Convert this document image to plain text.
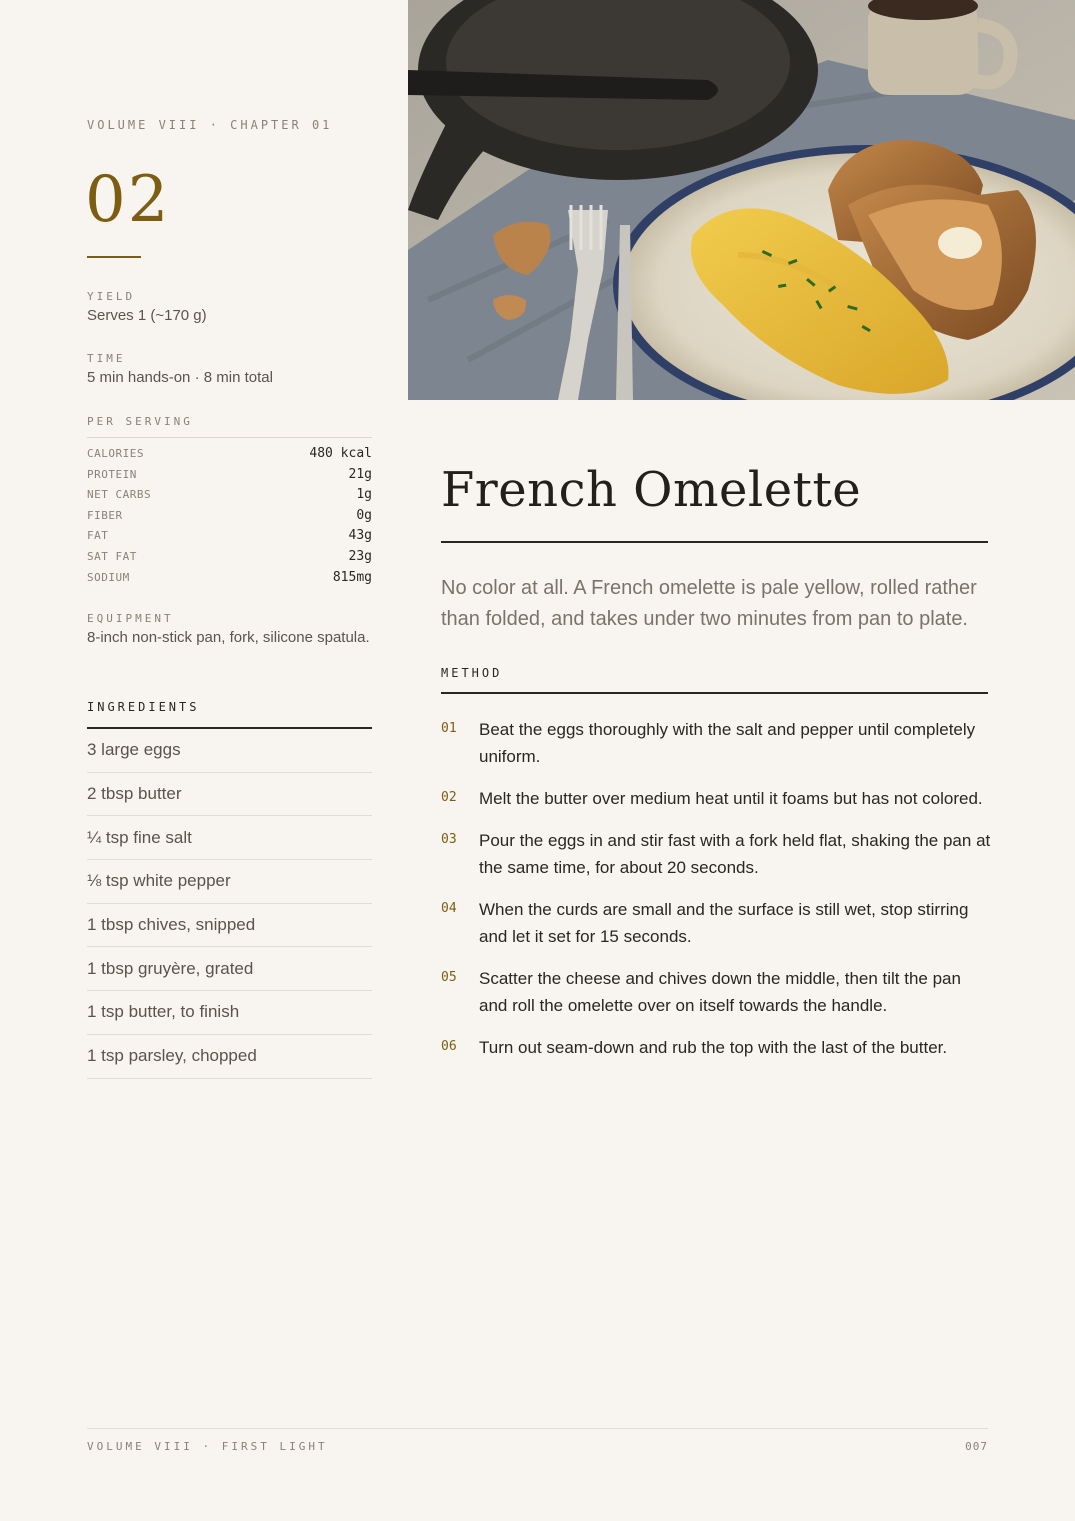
VOLUME VIII · CHAPTER 01
02
YIELD
Serves 1 (~170 g)
TIME
5 min hands-on · 8 min total
PER SERVING
CALORIES	480 kcal
PROTEIN	21g
NET CARBS	1g
FIBER	0g
FAT	43g
SAT FAT	23g
SODIUM	815mg
EQUIPMENT
8-inch non-stick pan, fork, silicone spatula.
INGREDIENTS
3 large eggs
2 tbsp butter
¼ tsp fine salt
⅛ tsp white pepper
1 tbsp chives, snipped
1 tbsp gruyère, grated
1 tsp butter, to finish
1 tsp parsley, chopped
French Omelette
No color at all. A French omelette is pale yellow, rolled rather than folded, and takes under two minutes from pan to plate.
METHOD
01	Beat the eggs thoroughly with the salt and pepper until completely uniform.
02	Melt the butter over medium heat until it foams but has not colored.
03	Pour the eggs in and stir fast with a fork held flat, shaking the pan at the same time, for about 20 seconds.
04	When the curds are small and the surface is still wet, stop stirring and let it set for 15 seconds.
05	Scatter the cheese and chives down the middle, then tilt the pan and roll the omelette over on itself towards the handle.
06	Turn out seam-down and rub the top with the last of the butter.
VOLUME VIII · FIRST LIGHT	007
